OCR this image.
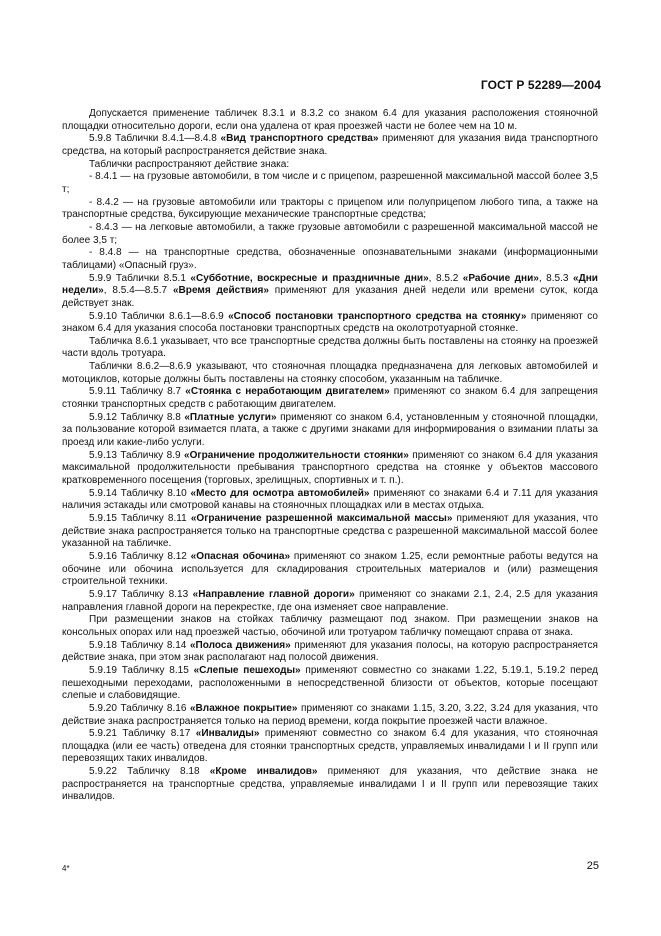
ГОСТ Р 52289—2004

Допускается применение табличек 8.3.1 и 8.3.2 со знаком 6.4 для указания расположения стояночной площадки относительно дороги, если она удалена от края проезжей части не более чем на 10 м.

5.9.8 Таблички 8.4.1—8.4.8 «Вид транспортного средства» применяют для указания вида транспортного средства, на который распространяется действие знака.

Таблички распространяют действие знака:

- 8.4.1 — на грузовые автомобили, в том числе и с прицепом, разрешенной максимальной массой более 3,5 т;

- 8.4.2 — на грузовые автомобили или тракторы с прицепом или полуприцепом любого типа, а также на транспортные средства, буксирующие механические транспортные средства;

- 8.4.3 — на легковые автомобили, а также грузовые автомобили с разрешенной максимальной массой не более 3,5 т;

- 8.4.8 — на транспортные средства, обозначенные опознавательными знаками (информационными таблицами) «Опасный груз».

5.9.9 Таблички 8.5.1 «Субботние, воскресные и праздничные дни», 8.5.2 «Рабочие дни», 8.5.3 «Дни недели», 8.5.4—8.5.7 «Время действия» применяют для указания дней недели или времени суток, когда действует знак.

5.9.10 Таблички 8.6.1—8.6.9 «Способ постановки транспортного средства на стоянку» применяют со знаком 6.4 для указания способа постановки транспортных средств на околотротуарной стоянке.

Табличка 8.6.1 указывает, что все транспортные средства должны быть поставлены на стоянку на проезжей части вдоль тротуара.

Таблички 8.6.2—8.6.9 указывают, что стояночная площадка предназначена для легковых автомобилей и мотоциклов, которые должны быть поставлены на стоянку способом, указанным на табличке.

5.9.11 Табличку 8.7 «Стоянка с неработающим двигателем» применяют со знаком 6.4 для запрещения стоянки транспортных средств с работающим двигателем.

5.9.12 Табличку 8.8 «Платные услуги» применяют со знаком 6.4, установленным у стояночной площадки, за пользование которой взимается плата, а также с другими знаками для информирования о взимании платы за проезд или какие-либо услуги.

5.9.13 Табличку 8.9 «Ограничение продолжительности стоянки» применяют со знаком 6.4 для указания максимальной продолжительности пребывания транспортного средства на стоянке у объектов массового кратковременного посещения (торговых, зрелищных, спортивных и т. п.).

5.9.14 Табличку 8.10 «Место для осмотра автомобилей» применяют со знаками 6.4 и 7.11 для указания наличия эстакады или смотровой канавы на стояночных площадках или в местах отдыха.

5.9.15 Табличку 8.11 «Ограничение разрешенной максимальной массы» применяют для указания, что действие знака распространяется только на транспортные средства с разрешенной максимальной массой более указанной на табличке.

5.9.16 Табличку 8.12 «Опасная обочина» применяют со знаком 1.25, если ремонтные работы ведутся на обочине или обочина используется для складирования строительных материалов и (или) размещения строительной техники.

5.9.17 Табличку 8.13 «Направление главной дороги» применяют со знаками 2.1, 2.4, 2.5 для указания направления главной дороги на перекрестке, где она изменяет свое направление.

При размещении знаков на стойках табличку размещают под знаком. При размещении знаков на консольных опорах или над проезжей частью, обочиной или тротуаром табличку помещают справа от знака.

5.9.18 Табличку 8.14 «Полоса движения» применяют для указания полосы, на которую распространяется действие знака, при этом знак располагают над полосой движения.

5.9.19 Табличку 8.15 «Слепые пешеходы» применяют совместно со знаками 1.22, 5.19.1, 5.19.2 перед пешеходными переходами, расположенными в непосредственной близости от объектов, которые посещают слепые и слабовидящие.

5.9.20 Табличку 8.16 «Влажное покрытие» применяют со знаками 1.15, 3.20, 3.22, 3.24 для указания, что действие знака распространяется только на период времени, когда покрытие проезжей части влажное.

5.9.21 Табличку 8.17 «Инвалиды» применяют совместно со знаком 6.4 для указания, что стояночная площадка (или ее часть) отведена для стоянки транспортных средств, управляемых инвалидами I и II групп или перевозящих таких инвалидов.

5.9.22 Табличку 8.18 «Кроме инвалидов» применяют для указания, что действие знака не распространяется на транспортные средства, управляемые инвалидами I и II групп или перевозящие таких инвалидов.

4*	25
